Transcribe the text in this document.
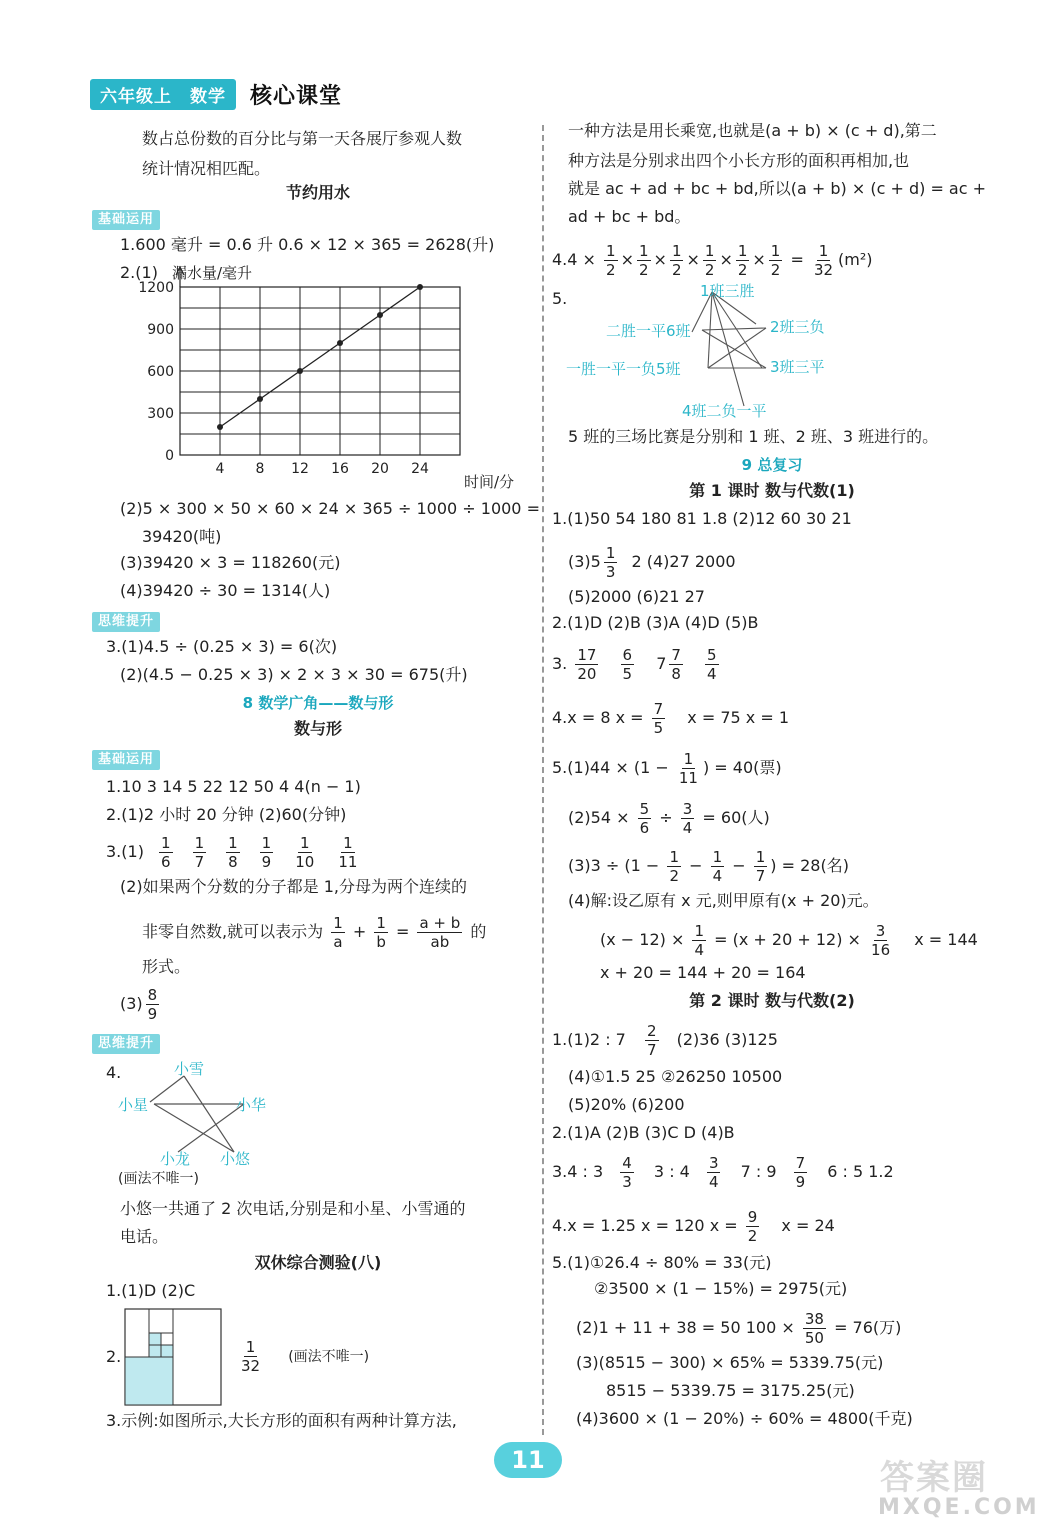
六年级上 数学	核心课堂
数占总份数的百分比与第一天各展厅参观人数
统计情况相匹配。
节约用水
基础运用
1.600 毫升 = 0.6 升 0.6 × 12 × 365 = 2628(升)
2.(1) 漏水量/毫升
时间/分
4 8 12 16 20 24
0
300
600
900
1200
(2)5 × 300 × 50 × 60 × 24 × 365 ÷ 1000 ÷ 1000 =
39420(吨)
(3)39420 × 3 = 118260(元)
(4)39420 ÷ 30 = 1314(人)
思维提升
3.(1)4.5 ÷ (0.25 × 3) = 6(次)
(2)(4.5 − 0.25 × 3) × 2 × 3 × 30 = 675(升)
8 数学广角——数与形
数与形
基础运用
1.10 3 14 5 22 12 50 4 4(n − 1)
2.(1)2 小时 20 分钟 (2)60(分钟)
$3.(1) \frac{1}{6} \frac{1}{7} \frac{1}{8} \frac{1}{9} \frac{1}{10} \frac{1}{11}$
(2)如果两个分数的分子都是 1,分母为两个连续的
非零自然数,就可以表示为 $\frac{1}{a} + \frac{1}{b} = \frac{a + b}{ab}$ 的
形式。
$(3) \frac{8}{9}$
思维提升
4.	小雪
小星	小华
小龙 小悠
(画法不唯一)
小悠一共通了 2 次电话,分别是和小星、小雪通的
电话。
双休综合测验(八)
1.(1)D (2)C
2.	$\frac{1}{32}$ (画法不唯一)
3.示例:如图所示,大长方形的面积有两种计算方法,
一种方法是用长乘宽,也就是(a + b) × (c + d),第二
种方法是分别求出四个小长方形的面积再相加,也
就是 ac + ad + bc + bd,所以(a + b) × (c + d) = ac +
ad + bc + bd。
$4.4 \times \frac{1}{2} \times \frac{1}{2} \times \frac{1}{2} \times \frac{1}{2} \times \frac{1}{2} \times \frac{1}{2} = \frac{1}{32} (m^2)$
5.	1班三胜
二胜一平6班	2班三负
一胜一平一负5班	3班三平
4班二负一平
5 班的三场比赛是分别和 1 班、2 班、3 班进行的。
9 总复习
第 1 课时 数与代数(1)
1.(1)50 54 180 81 1.8 (2)12 60 30 21
$(3)5 \frac{1}{3} 2$ (4)27 2000
(5)2000 (6)21 27
2.(1)D (2)B (3)A (4)D (5)B
3. $\frac{17}{20}$
$\frac{6}{5} 7 \frac{7}{8}$
$\frac{5}{4}$
4.x = 8 $x = \frac{7}{5}$ x = 75 x = 1
$5.(1)44 \times (1 - \frac{1}{11}$ ) = 40(票)
$(2)54 \times \frac{5}{6} \div \frac{3}{4} = 60$(人)
$(3)3 \div (1 - \frac{1}{2} - \frac{1}{4} - \frac{1}{7}$ ) = 28(名)
(4)解:设乙原有 x 元,则甲原有(x + 20)元。
$(x - 12) \times \frac{1}{4} = (x + 20 + 12) \times \frac{3}{16}$ x = 144
x + 20 = 144 + 20 = 164
第 2 课时 数与代数(2)
1.(1)2 : $7 \frac{2}{7} (2)36$ (3)125
(4)①1.5 25 ②26250 10500
(5)20% (6)200
2.(1)A (2)B (3)C D (4)B
3.4 : $3 \frac{4}{3} 3$ : $4 \frac{3}{4} 7$ : $9 \frac{7}{9} 6$ : 5 1.2
4.x = 1.25 x = 120 $x = \frac{9}{2}$ x = 24
5.(1)①26.4 ÷ 80% = 33(元)
②3500 × (1 − 15%) = 2975(元)
(2)1 + 11 + 38 = 50 $100 \times \frac{38}{50} = 76$(万)
(3)(8515 − 300) × 65% = 5339.75(元)
8515 − 5339.75 = 3175.25(元)
(4)3600 × (1 − 20%) ÷ 60% = 4800(千克)
11	答案圈
MXQE.COM
